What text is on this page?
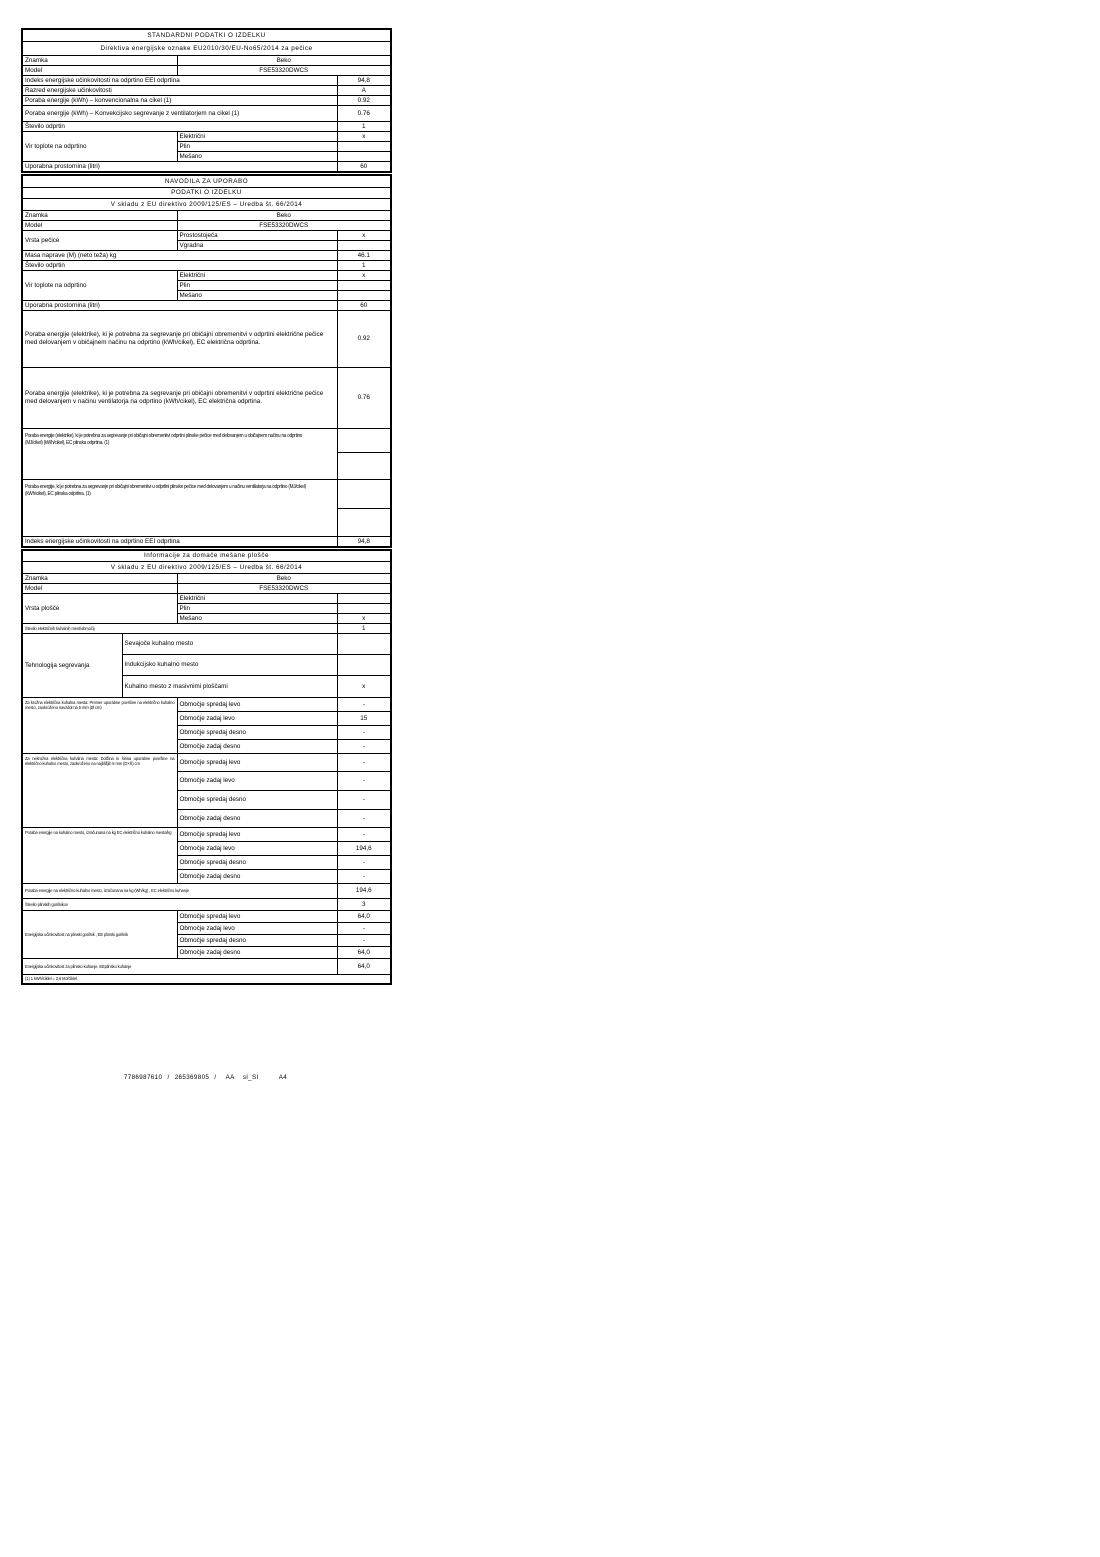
STANDARDNI PODATKI O IZDELKU		
Direktiva energijske oznake EU2010/30/EU-No65/2014 za pečice		
Znamka	Beko	
Model	FSE53320DWCS	
Indeks energijske učinkovitosti na odprtino EEI odprtina		94,8
Razred energijske učinkovitosti		A
Poraba energije (kWh) – konvencionalna na cikel (1)		0.92
Poraba energije (kWh) – Konvekcijsko segrevanje z ventilatorjem na cikel (1)		0.76
Število odprtin		1
Vir toplote na odprtino	Električni	x
	Plin	
	Mešano	
Uporabna prostornina (litri)		60
NAVODILA ZA UPORABO		
PODATKI O IZDELKU		
V skladu z EU direktivo 2009/125/ES – Uredba št. 66/2014		
Znamka	Beko	
Model	FSE53320DWCS	
Vrsta pečice	Prostostoječa	x
	Vgradna	
Masa naprave (M) (neto teža) kg		46.1
Število odprtin		1
Vir toplote na odprtino	Električni	x
	Plin	
	Mešano	
Uporabna prostornina (litri)		60
Poraba energije (elektrike), ki je potrebna za segrevanje pri običajni obremenitvi v odprtini električne pečice med delovanjem v običajnem načinu na odprtino (kWh/cikel), EC električna odprtina.		0.92
Poraba energije (elektrike), ki je potrebna za segrevanje pri običajni obremenitvi v odprtini električne pečice med delovanjem v načinu ventilatorja na odprtino (kWh/cikel), EC električna odprtina.		0.76

Poraba energije (elektrike), ki je potrebna za segrevanje pri običajni obremenitvi odprtini plinske pečice med delovanjem u običajnem načinu na odprtino (MJ/cikel) (kWh/cikel), EC plinska odprtina. (1)		

Poraba energije, ki je potrebna za segrevanje pri običajni obremenitvi u odprtini plinske pečice med delovanjem u načinu ventilatorja na odprtino (MJ/cikel) (kWh/cikel), EC plinska odprtina. (1)		

Indeks energijske učinkovitosti na odprtino EEI odprtina		94,8
Informacije za domače mešane plošče			
V skladu z EU direktivo 2009/125/ES – Uredba št. 66/2014			
Znamka		Beko	
Model		FSE53320DWCS	
Vrsta plošče		Električni	
		Plin	
		Mešano	x

Število električnih kuhalnih mest/območij			1
Tehnologija segrevanja	Sevajoče kuhalno mesto		
	Indukcijsko kuhalno mesto		
	Kuhalno mesto z masivnimi ploščami		x

Za krožna električna kuhalna mesta: Premer uporabne površine na električno kuhalno mesto, zaokroženo navzdol na 5 mm (Ø cm)		Območje spredaj levo	-
		Območje zadaj levo	15
		Območje spredaj desno	-
		Območje zadaj desno	-

Za nekrožna električna kuhalna mesta: Dolžina in širina uporabne površine na električno kuhalno mesto, zaokroženo na najbližjih 5 mm (D×Š) cm		Območje spredaj levo	-
		Območje zadaj levo	-
		Območje spredaj desno	-
		Območje zadaj desno	-

Poraba energije na kuhalno mesto, izračunana na kg EC električno kuhalno mesto/kg		Območje spredaj levo	-
		Območje zadaj levo	194,6
		Območje spredaj desno	-
		Območje zadaj desno	-

Poraba energije na električno kuhalno mesto, izračunana na kg (Wh/kg) , EC električno kuhanje			194,6

Število plinskih gorilnikov			3

Energijska učinkovitost na plinski gorilnik , EE plinski gorilnik		Območje spredaj levo	64,0
		Območje zadaj levo	-
		Območje spredaj desno	-
		Območje zadaj desno	64,0

Energijska učinkovitost za plinsko kuhanje, EEplinsko kuhanje			64,0

(1) 1 kWh/ciklel = 3,6 MJ/ciklel.			
7786987610 / 265369805 / AA sl_SI	A4
